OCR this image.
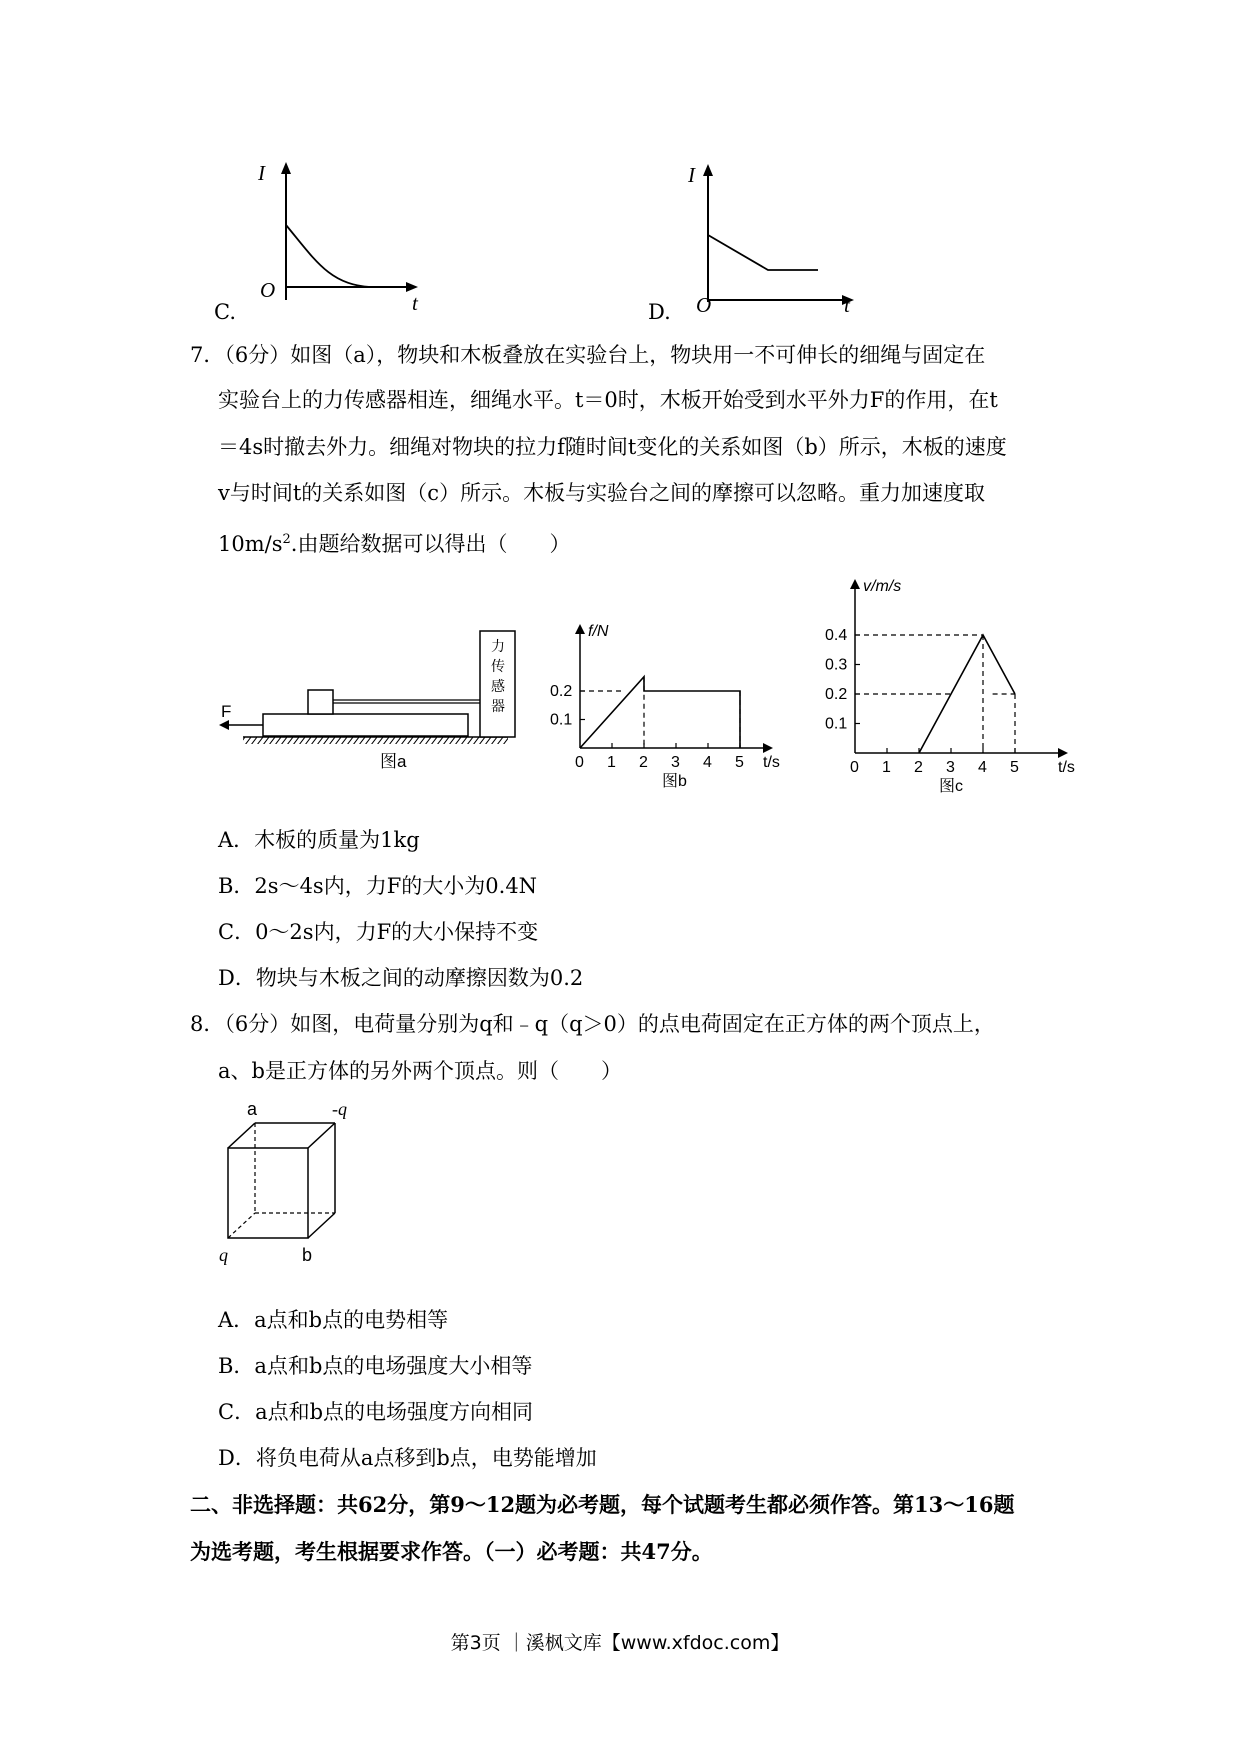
C.
I
O
t	D.
I
O	t
7．（6分）如图（a），物块和木板叠放在实验台上，物块用一不可伸长的细绳与固定在
实验台上的力传感器相连，细绳水平。t＝0时，木板开始受到水平外力F的作用，在t
＝4s时撤去外力。细绳对物块的拉力f随时间t变化的关系如图（b）所示，木板的速度
v与时间t的关系如图（c）所示。木板与实验台之间的摩擦可以忽略。重力加速度取
$10m/s^2$.由题给数据可以得出（　　）
力
传
感
器
F
图a	0 1 2 3 4 5
0.1
0.2
f/N
t/s
图b
0 1 2 3 4 5
0.1
0.2
0.3
0.4
v/m/s
t/s
图c
A．木板的质量为1kg
B．2s～4s内，力F的大小为0.4N
C．0～2s内，力F的大小保持不变
D．物块与木板之间的动摩擦因数为0.2
8．（6分）如图，电荷量分别为q和﹣q（q＞0）的点电荷固定在正方体的两个顶点上，
a、b是正方体的另外两个顶点。则（　　）
a	-q
q	b
A．a点和b点的电势相等
B．a点和b点的电场强度大小相等
C．a点和b点的电场强度方向相同
D．将负电荷从a点移到b点，电势能增加
二、非选择题：共62分，第9～12题为必考题，每个试题考生都必须作答。第13～16题
为选考题，考生根据要求作答。（一）必考题：共47分。
第3页 ｜溪枫文库【www.xfdoc.com】
